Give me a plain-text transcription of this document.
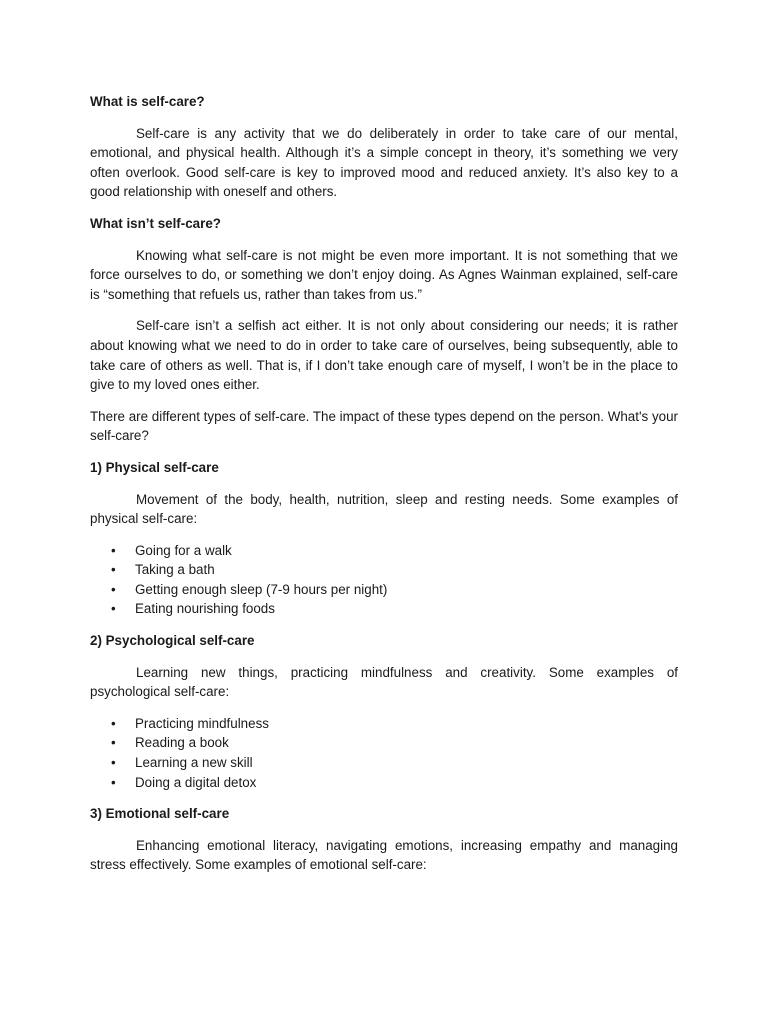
What is self-care?

Self-care is any activity that we do deliberately in order to take care of our mental, emotional, and physical health. Although it’s a simple concept in theory, it’s something we very often overlook. Good self-care is key to improved mood and reduced anxiety. It’s also key to a good relationship with oneself and others.

What isn’t self-care?

Knowing what self-care is not might be even more important. It is not something that we force ourselves to do, or something we don’t enjoy doing. As Agnes Wainman explained, self-care is “something that refuels us, rather than takes from us.”

Self-care isn’t a selfish act either. It is not only about considering our needs; it is rather about knowing what we need to do in order to take care of ourselves, being subsequently, able to take care of others as well. That is, if I don’t take enough care of myself, I won’t be in the place to give to my loved ones either.

There are different types of self-care. The impact of these types depend on the person. What's your self-care?

1) Physical self-care

Movement of the body, health, nutrition, sleep and resting needs. Some examples of physical self-care:

• Going for a walk
• Taking a bath
• Getting enough sleep (7-9 hours per night)
• Eating nourishing foods
2) Psychological self-care

Learning new things, practicing mindfulness and creativity. Some examples of psychological self-care:

• Practicing mindfulness
• Reading a book
• Learning a new skill
• Doing a digital detox
3) Emotional self-care

Enhancing emotional literacy, navigating emotions, increasing empathy and managing stress effectively. Some examples of emotional self-care:
